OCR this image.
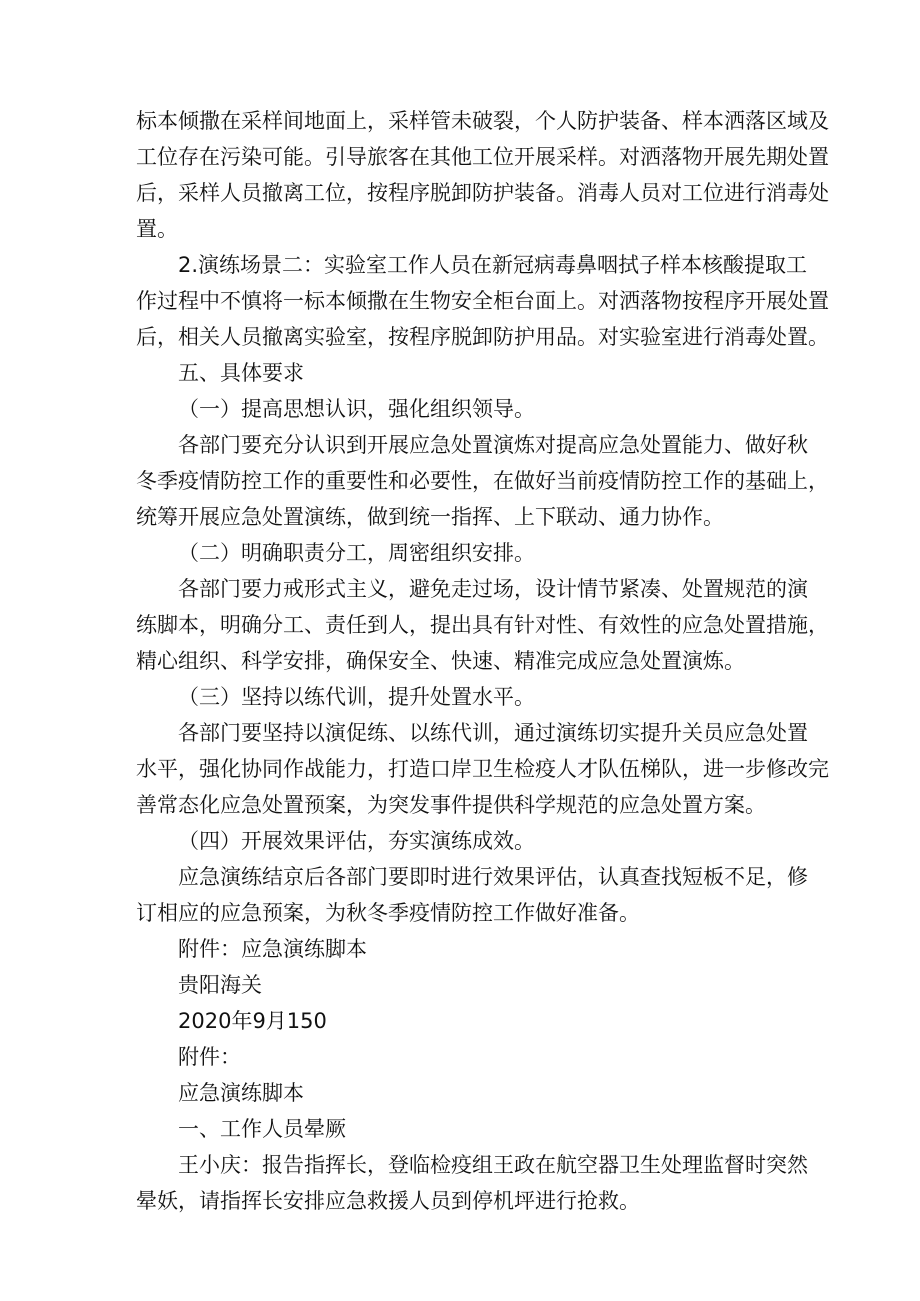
标本倾撒在采样间地面上，采样管未破裂，个人防护装备、样本洒落区域及
工位存在污染可能。引导旅客在其他工位开展采样。对洒落物开展先期处置
后，采样人员撤离工位，按程序脱卸防护装备。消毒人员对工位进行消毒处
置。
2.演练场景二：实验室工作人员在新冠病毒鼻咽拭子样本核酸提取工
作过程中不慎将一标本倾撒在生物安全柜台面上。对洒落物按程序开展处置
后，相关人员撤离实验室，按程序脱卸防护用品。对实验室进行消毒处置。
五、具体要求
（一）提高思想认识，强化组织领导。
各部门要充分认识到开展应急处置演炼对提高应急处置能力、做好秋
冬季疫情防控工作的重要性和必要性，在做好当前疫情防控工作的基础上，
统筹开展应急处置演练，做到统一指挥、上下联动、通力协作。
（二）明确职责分工，周密组织安排。
各部门要力戒形式主义，避免走过场，设计情节紧凑、处置规范的演
练脚本，明确分工、责任到人，提出具有针对性、有效性的应急处置措施，
精心组织、科学安排，确保安全、快速、精准完成应急处置演炼。
（三）坚持以练代训，提升处置水平。
各部门要坚持以演促练、以练代训，通过演练切实提升关员应急处置
水平，强化协同作战能力，打造口岸卫生检疫人才队伍梯队，进一步修改完
善常态化应急处置预案，为突发事件提供科学规范的应急处置方案。
（四）开展效果评估，夯实演练成效。
应急演练结京后各部门要即时进行效果评估，认真查找短板不足，修
订相应的应急预案，为秋冬季疫情防控工作做好准备。
附件：应急演练脚本
贵阳海关
2020年9月150
附件：
应急演练脚本
一、工作人员晕厥
王小庆：报告指挥长，登临检疫组王政在航空器卫生处理监督时突然
晕妖，请指挥长安排应急救援人员到停机坪进行抢救。
